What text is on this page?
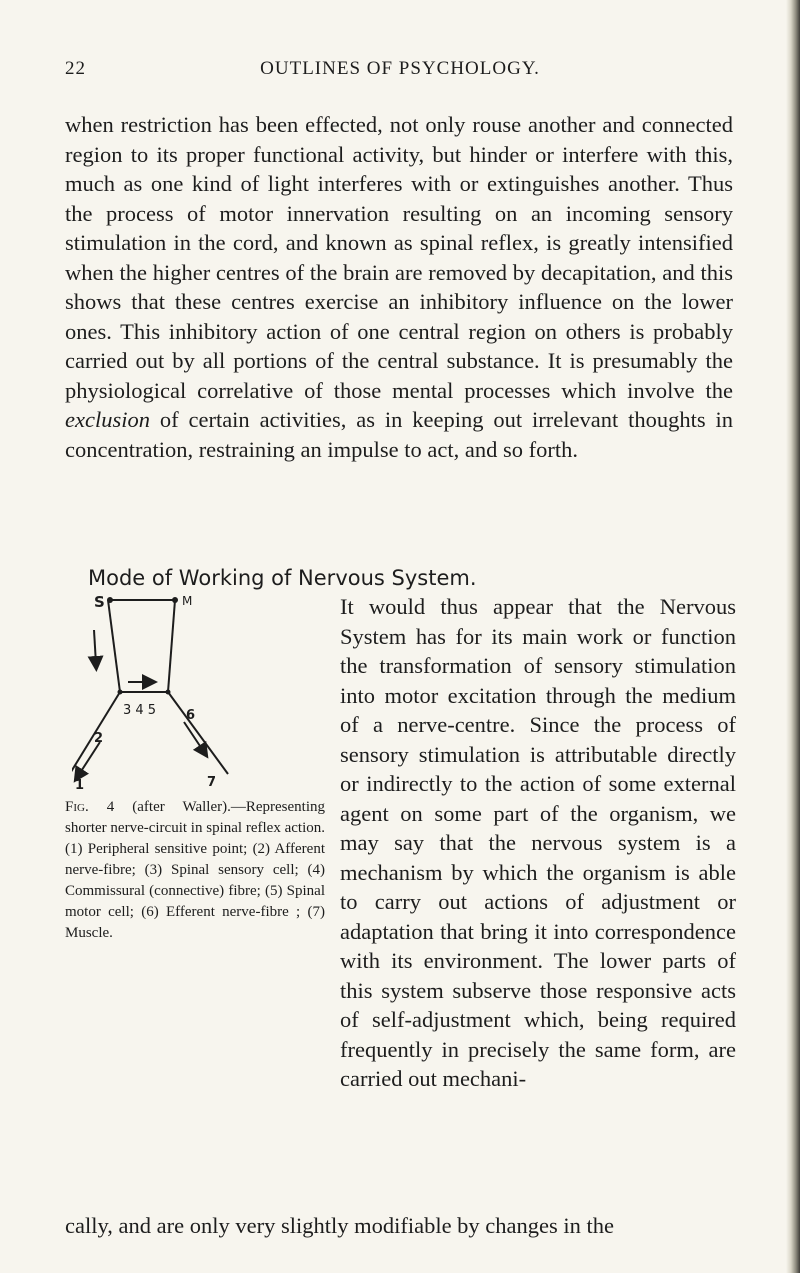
22	OUTLINES OF PSYCHOLOGY.
when restriction has been effected, not only rouse another and connected region to its proper functional activity, but hinder or interfere with this, much as one kind of light interferes with or extinguishes another. Thus the process of motor innervation resulting on an incoming sensory stimulation in the cord, and known as spinal reflex, is greatly intensified when the higher centres of the brain are removed by decapitation, and this shows that these centres exercise an inhibitory influence on the lower ones. This inhibitory action of one central region on others is probably carried out by all portions of the central substance. It is presumably the physiological correlative of those mental processes which involve the exclusion of certain activities, as in keeping out irrelevant thoughts in concentration, restraining an impulse to act, and so forth.
Mode of Working of Nervous System.
S	M
3 4 5
2
6
1	7
Fig. 4 (after Waller).—Representing shorter nerve-circuit in spinal reflex action. (1) Peripheral sensitive point; (2) Afferent nerve-fibre; (3) Spinal sensory cell; (4) Commissural (connective) fibre; (5) Spinal motor cell; (6) Efferent nerve-fibre ; (7) Muscle.
It would thus appear that the Nervous System has for its main work or function the transformation of sensory stimulation into motor excitation through the medium of a nerve-centre. Since the process of sensory stimulation is attributable directly or indirectly to the action of some external agent on some part of the organism, we may say that the nervous system is a mechanism by which the organism is able to carry out actions of adjustment or adaptation that bring it into correspondence with its environment. The lower parts of this system subserve those responsive acts of self-adjustment which, being required frequently in precisely the same form, are carried out mechani-
cally, and are only very slightly modifiable by changes in the
